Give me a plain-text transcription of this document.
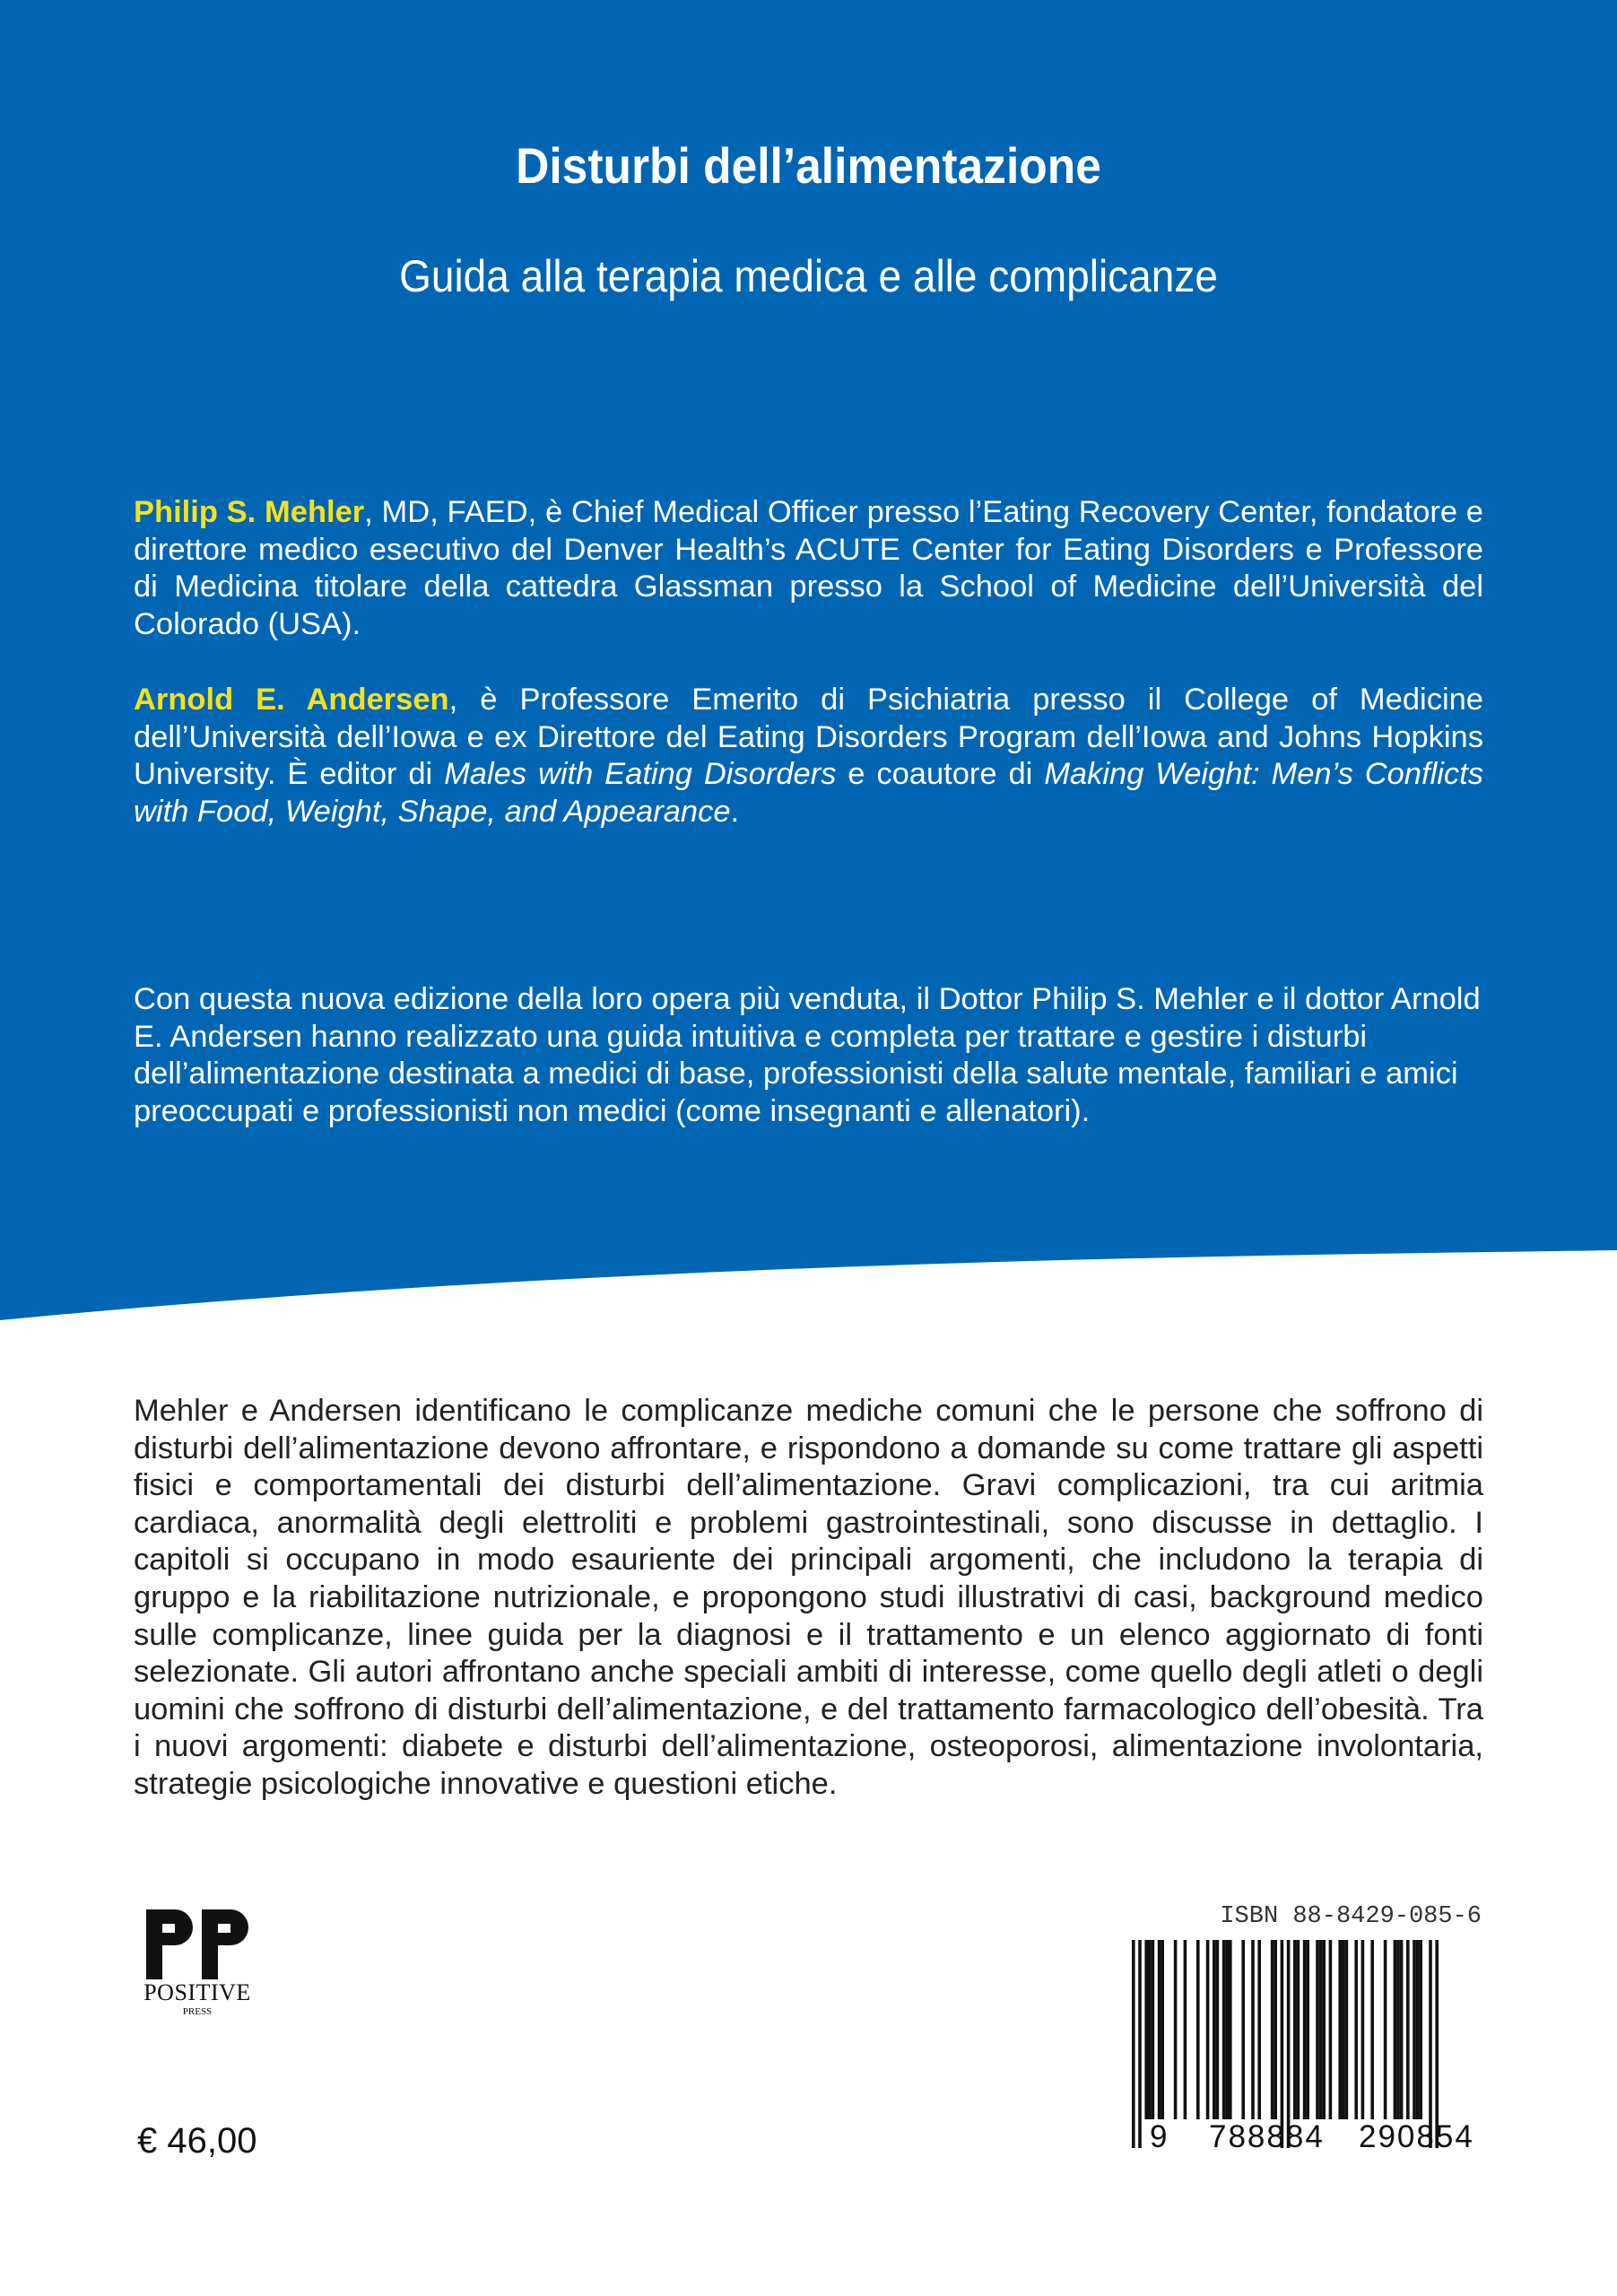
Disturbi dell’alimentazione
Guida alla terapia medica e alle complicanze
Philip S. Mehler, MD, FAED, è Chief Medical Officer presso l’Eating Recovery Center, fondatore e direttore medico esecutivo del Denver Health’s ACUTE Center for Eating Disorders e Professore di Medicina titolare della cattedra Glassman presso la School of Medicine dell’Università del Colorado (USA).
Arnold E. Andersen, è Professore Emerito di Psichiatria presso il College of Medicine dell’Università dell’Iowa e ex Direttore del Eating Disorders Program dell’Iowa and Johns Hopkins University. È editor di Males with Eating Disorders e coautore di Making Weight: Men’s Conflicts with Food, Weight, Shape, and Appearance.
Con questa nuova edizione della loro opera più venduta, il Dottor Philip S. Mehler e il dottor Arnold E. Andersen hanno realizzato una guida intuitiva e completa per trattare e gestire i disturbi dell’alimentazione destinata a medici di base, professionisti della salute mentale, familiari e amici preoccupati e professionisti non medici (come insegnanti e allenatori).
Mehler e Andersen identificano le complicanze mediche comuni che le persone che soffrono di disturbi dell’alimentazione devono affrontare, e rispondono a domande su come trattare gli aspetti fisici e comportamentali dei disturbi dell’alimentazione. Gravi complicazioni, tra cui aritmia cardiaca, anormalità degli elettroliti e problemi gastrointestinali, sono discusse in dettaglio. I capitoli si occupano in modo esauriente dei principali argomenti, che includono la terapia di gruppo e la riabilitazione nutrizionale, e propongono studi illustrativi di casi, background medico sulle complicanze, linee guida per la diagnosi e il trattamento e un elenco aggiornato di fonti selezionate. Gli autori affrontano anche speciali ambiti di interesse, come quello degli atleti o degli uomini che soffrono di disturbi dell’alimentazione, e del trattamento farmacologico dell’obesità. Tra i nuovi argomenti: diabete e disturbi dell’alimentazione, osteoporosi, alimentazione involontaria, strategie psicologiche innovative e questioni etiche.
POSITIVE
PRESS
€ 46,00
ISBN 88-8429-085-6
9 788884 290854
